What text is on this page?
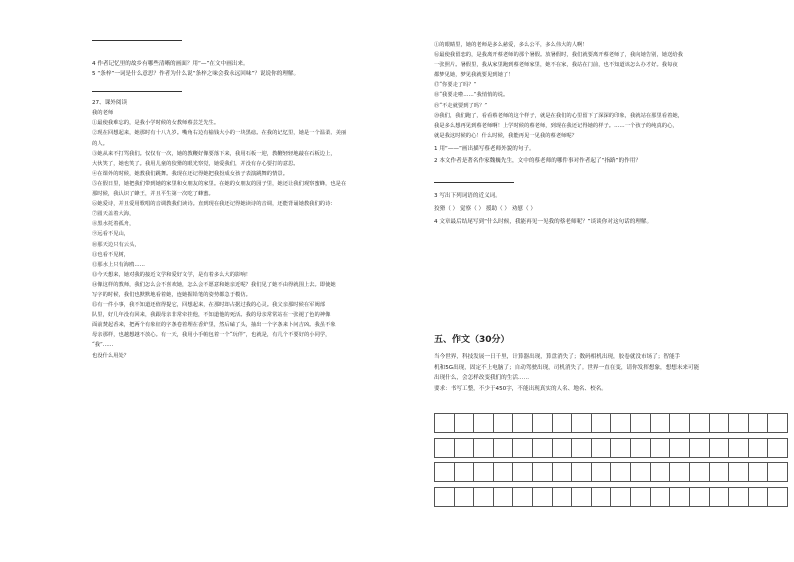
4 作者记忆里的故乡有哪些清晰的画面？用“—”在文中画出来。
5 “条梓”一词是什么意思？作者为什么说“条梓之味会我永远回味”？说说你的理解。
27、课外阅读
我的老师
①最使我难忘的，是我小学时候的女教师蔡芸芝先生。
②现在回想起来，她那时有十八九岁。嘴角右边有榆钱大小的一块黑痣。在我的记忆里，她是一个温柔、美丽
的人。
③她从来不打骂我们。仅仅有一次，她的教鞭好像要落下来，我用石板一迎，教鞭轻轻地敲在石板边上，
大伙笑了，她也笑了。我用儿童的狡猾的眼光察觉，她爱我们，并没有存心要打的意思。
④在课外的时候，她教我们跳舞。我现在还记得她把我扮成女孩子表演跳舞的情景。
⑤在假日里，她把我们带到她的家里和女朋友的家里。在她的女朋友的园子里，她还让我们观察蜜蜂，也是在
那时候，我认识了蜂王，并且平生第一次吃了蜂蜜。
⑥她爱诗，并且爱用歌唱的音调教我们读诗。直到现在我还记得她读诗的音调，还能背诵她教我们的诗：
⑦圆天盖着大海，
⑧黑水托着孤舟，
⑨远看不见山，
⑩那天边只有云头，
⑪也看不见树，
⑫那水上只有海鸥……
⑬今天想来，她对我的接近文学和爱好文学，是有着多么大的影响！
⑭像这样的教师，我们怎么会不喜欢她，怎么会不愿意和她亲近呢？我们见了她不由得就围上去。即使她
写字的时候，我们也默默地看着她，连她握铅笔的姿势都急于模仿。
⑮有一件小事，我不知道还值得提它，回想起来，在那时却占据过我的心灵。我父亲那时候在军阀部
队里，好几年没有回来，我跟母亲非常牵挂他，不知道他的死活。我的母亲常常站在一张褪了色的神像
面前焚起香来，把两个有象征的字条卷着埋在香炉里，然后磕了头，抽出一个字条来卜问吉凶。我虽不象
母亲那样，也越想越不放心。有一天，我用小手帕包着一个“玩伴”，也就是，有几个不要好的小同学，
“我”……
也没什么用处？
①的眼睛里，她的老师是多么慈爱，多么公平，多么伟大的人啊！
⑯最使我留恋的，是我离开蔡老师的那个暑假。放暑假时，我们就要离开蔡老师了，我向她告别，她送给我
一张照片。暑假里，我从家里跑到蔡老师家里，她不在家，我站在门前，也不知道该怎么办才好。我每夜
都梦见她，梦见我就要见到她了！
⑰“你要走了吗？”
⑱“我要走啦……”我悄悄的说。
⑲“不走就要到了吗？”
⑳我们，我们跑了，看看蔡老师的这个样子，就是在我们的心里留下了深深的印象，我就站在那里看着她，
我是多么想再见到蔡老师啊！上学时候的蔡老师，到现在我还记得她的样子。……一个孩子的纯真的心，
就是我这时候的心！什么时候，我能再见一见我的蔡老师呢？
1 用“——”画出描写蔡老师外貌的句子。
2 本文作者是著名作家魏巍先生，文中的蔡老师的哪件事对作者起了“指路”的作用？
3 写出下列词语的近义词。
狡猾（ ） 觉察（ ） 援助（ ） 劝慰（ ）
4 文章最后结尾写到“什么时候，我能再见一见我的蔡老师呢？”谈谈你对这句话的理解。
五、作文（30分）
当今世界，科技发展一日千里，计算器出现，算盘消失了；数码相机出现，胶卷就没市场了；智能手
机和5G出现，固定不上电脑了；自动驾驶出现，司机消失了。世界一直在变，请你发挥想象，想想未来可能
出现什么，会怎样改变我们的生活……
要求：书写工整，不少于450字，不能出现真实的人名、地名、校名。
